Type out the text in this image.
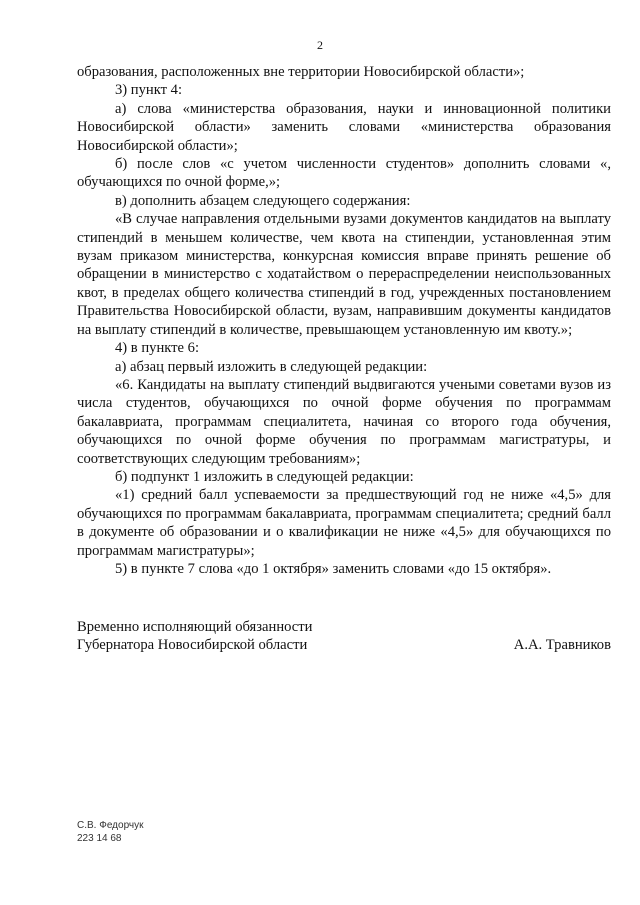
2

образования, расположенных вне территории Новосибирской области»;

3) пункт 4:

а) слова «министерства образования, науки и инновационной политики Новосибирской области» заменить словами «министерства образования Новосибирской области»;

б) после слов «с учетом численности студентов» дополнить словами «, обучающихся по очной форме,»;

в) дополнить абзацем следующего содержания:

«В случае направления отдельными вузами документов кандидатов на выплату стипендий в меньшем количестве, чем квота на стипендии, установленная этим вузам приказом министерства, конкурсная комиссия вправе принять решение об обращении в министерство с ходатайством о перераспределении неиспользованных квот, в пределах общего количества стипендий в год, учрежденных постановлением Правительства Новосибирской области, вузам, направившим документы кандидатов на выплату стипендий в количестве, превышающем установленную им квоту.»;

4) в пункте 6:

а) абзац первый изложить в следующей редакции:

«6. Кандидаты на выплату стипендий выдвигаются учеными советами вузов из числа студентов, обучающихся по очной форме обучения по программам бакалавриата, программам специалитета, начиная со второго года обучения, обучающихся по очной форме обучения по программам магистратуры, и соответствующих следующим требованиям»;

б) подпункт 1 изложить в следующей редакции:

«1) средний балл успеваемости за предшествующий год не ниже «4,5» для обучающихся по программам бакалавриата, программам специалитета; средний балл в документе об образовании и о квалификации не ниже «4,5» для обучающихся по программам магистратуры»;

5) в пункте 7 слова «до 1 октября» заменить словами «до 15 октября».

Временно исполняющий обязанности
Губернатора Новосибирской области	А.А. Травников
С.В. Федорчук
223 14 68
